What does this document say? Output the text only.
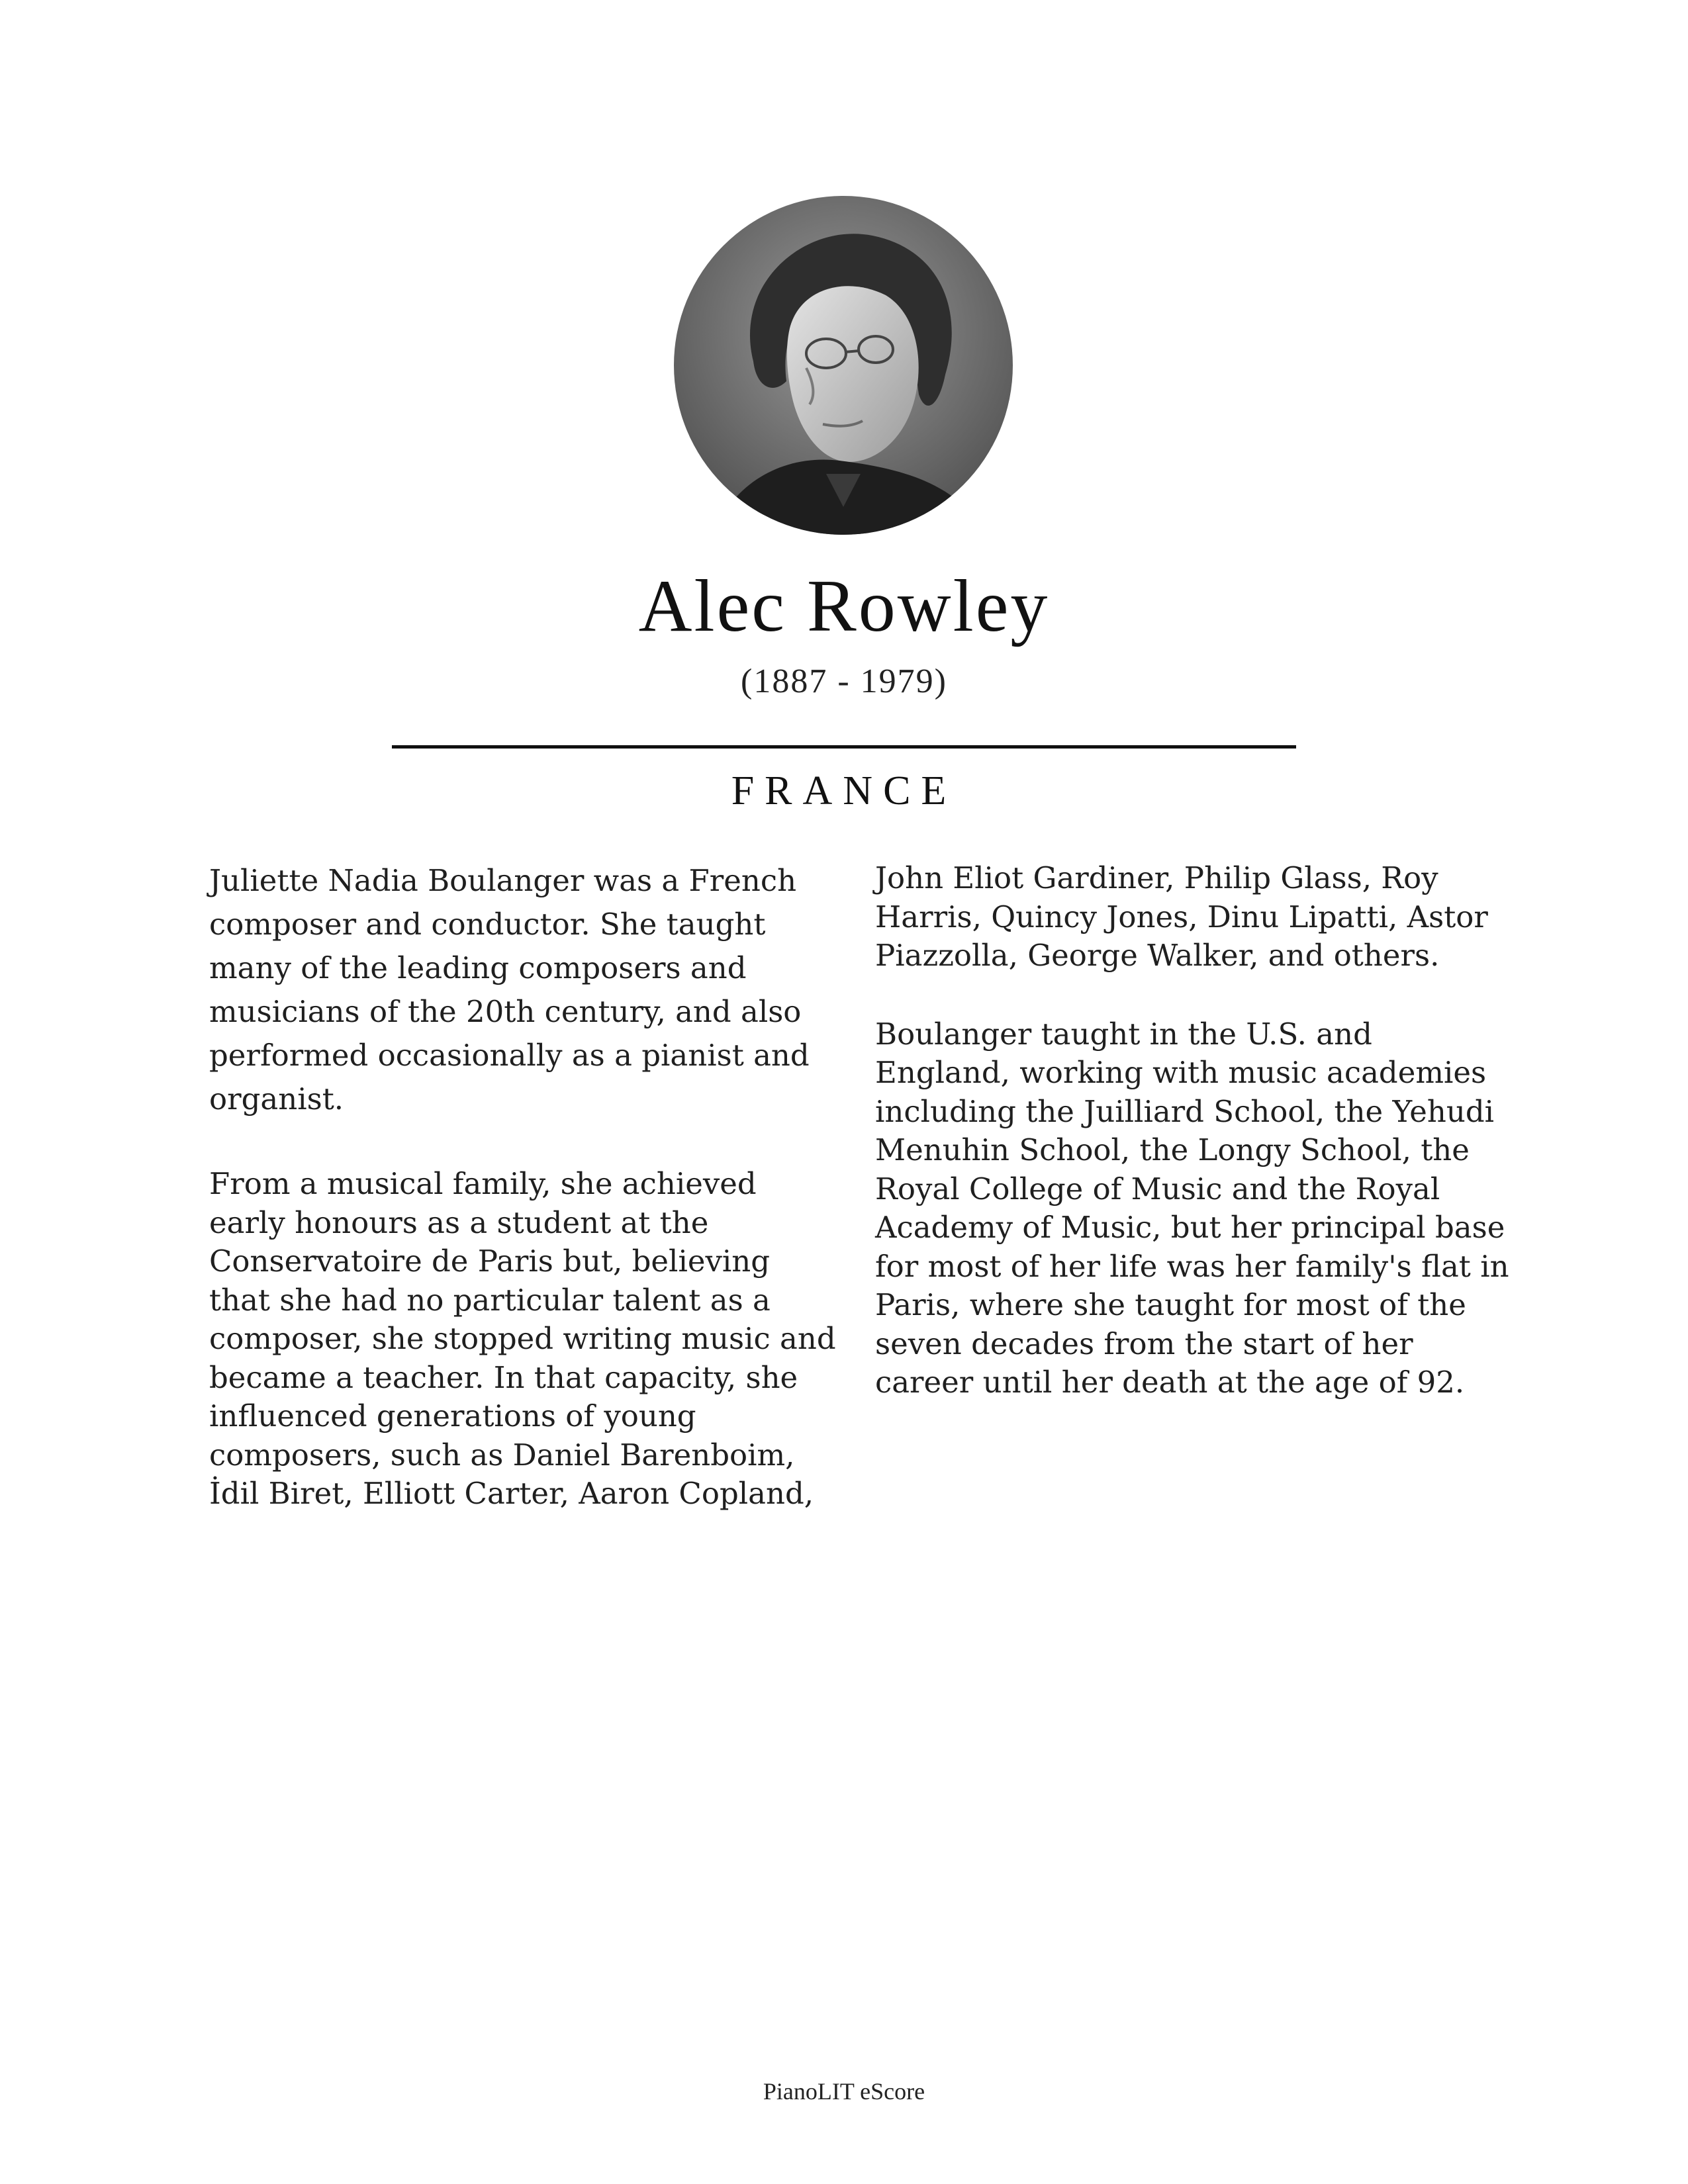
Alec Rowley
(1887 - 1979)
FRANCE

Juliette Nadia Boulanger was a French composer and conductor. She taught many of the leading composers and musicians of the 20th century, and also performed occasionally as a pianist and organist.

From a musical family, she achieved early honours as a student at the Conservatoire de Paris but, believing that she had no particular talent as a composer, she stopped writing music and became a teacher. In that capacity, she influenced generations of young composers, such as Daniel Barenboim, İdil Biret, Elliott Carter, Aaron Copland,

John Eliot Gardiner, Philip Glass, Roy Harris, Quincy Jones, Dinu Lipatti, Astor Piazzolla, George Walker, and others.

Boulanger taught in the U.S. and England, working with music academies including the Juilliard School, the Yehudi Menuhin School, the Longy School, the Royal College of Music and the Royal Academy of Music, but her principal base for most of her life was her family's flat in Paris, where she taught for most of the seven decades from the start of her career until her death at the age of 92.

PianoLIT eScore
